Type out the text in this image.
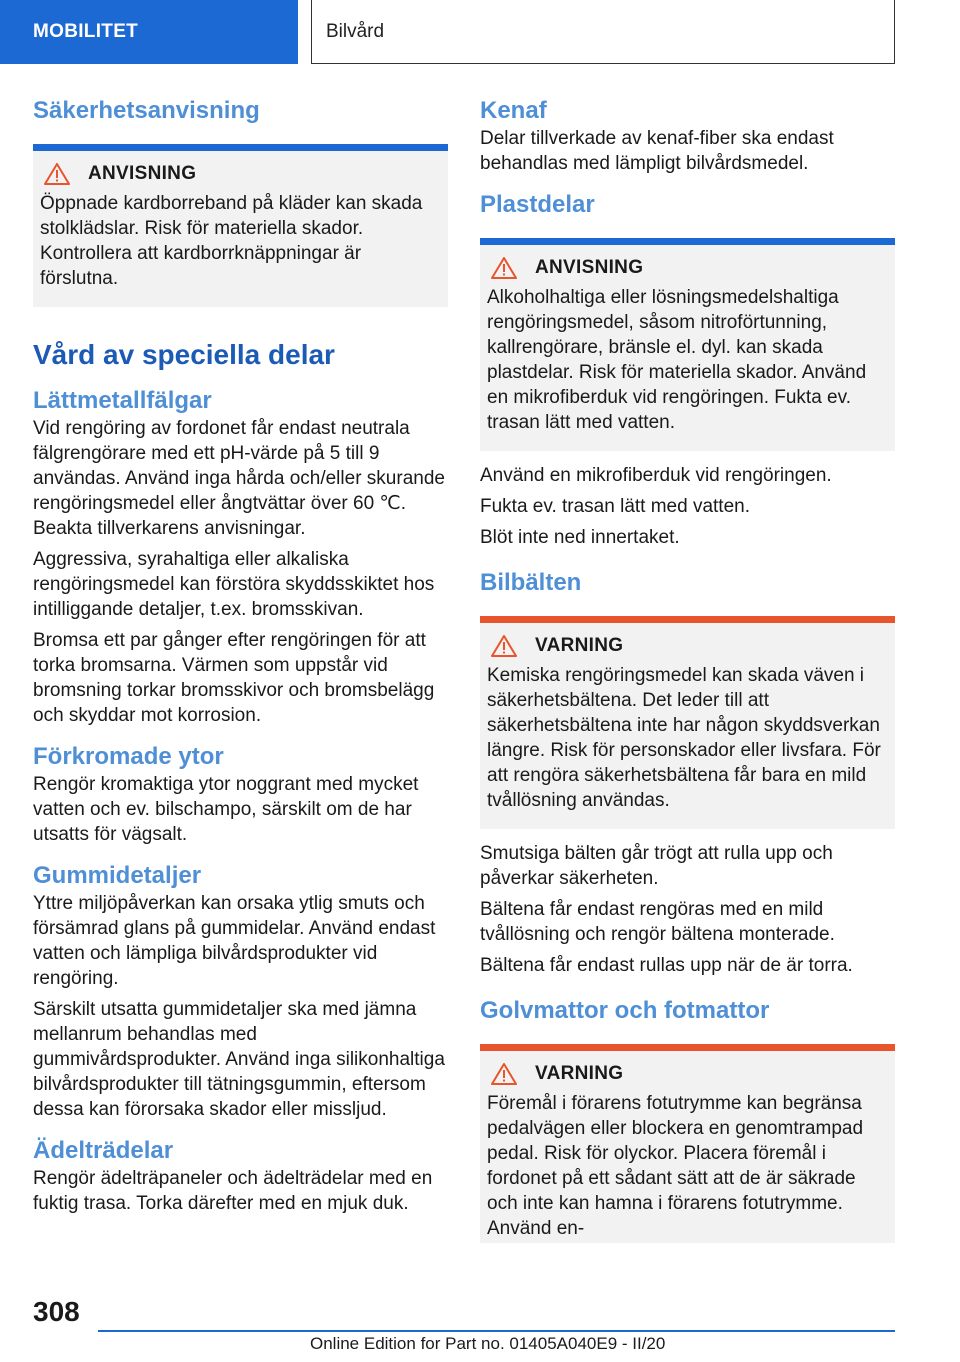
MOBILITET	Bilvård
Säkerhetsanvisning
ANVISNING
Öppnade kardborreband på kläder kan skada stolklädslar. Risk för materiella skador. Kontrollera att kardborrknäppningar är förslutna.
Vård av speciella delar
Lättmetallfälgar

Vid rengöring av fordonet får endast neutrala fälgrengörare med ett pH-värde på 5 till 9 användas. Använd inga hårda och/eller skurande rengöringsmedel eller ångtvättar över 60 ℃. Beakta tillverkarens anvisningar.

Aggressiva, syrahaltiga eller alkaliska rengöringsmedel kan förstöra skyddsskiktet hos intilliggande detaljer, t.ex. bromsskivan.

Bromsa ett par gånger efter rengöringen för att torka bromsarna. Värmen som uppstår vid bromsning torkar bromsskivor och bromsbelägg och skyddar mot korrosion.

Förkromade ytor

Rengör kromaktiga ytor noggrant med mycket vatten och ev. bilschampo, särskilt om de har utsatts för vägsalt.

Gummidetaljer

Yttre miljöpåverkan kan orsaka ytlig smuts och försämrad glans på gummidelar. Använd endast vatten och lämpliga bilvårdsprodukter vid rengöring.

Särskilt utsatta gummidetaljer ska med jämna mellanrum behandlas med gummivårdsprodukter. Använd inga silikonhaltiga bilvårdsprodukter till tätningsgummin, eftersom dessa kan förorsaka skador eller missljud.

Ädelträdelar

Rengör ädelträpaneler och ädelträdelar med en fuktig trasa. Torka därefter med en mjuk duk.

Kenaf

Delar tillverkade av kenaf-fiber ska endast behandlas med lämpligt bilvårdsmedel.

Plastdelar
ANVISNING
Alkoholhaltiga eller lösningsmedelshaltiga rengöringsmedel, såsom nitroförtunning, kallrengörare, bränsle el. dyl. kan skada plastdelar. Risk för materiella skador. Använd en mikrofiberduk vid rengöringen. Fukta ev. trasan lätt med vatten.

Använd en mikrofiberduk vid rengöringen.

Fukta ev. trasan lätt med vatten.

Blöt inte ned innertaket.

Bilbälten
VARNING
Kemiska rengöringsmedel kan skada väven i säkerhetsbältena. Det leder till att säkerhetsbältena inte har någon skyddsverkan längre. Risk för personskador eller livsfara. För att rengöra säkerhetsbältena får bara en mild tvållösning användas.

Smutsiga bälten går trögt att rulla upp och påverkar säkerheten.

Bältena får endast rengöras med en mild tvållösning och rengör bältena monterade.

Bältena får endast rullas upp när de är torra.

Golvmattor och fotmattor
VARNING
Föremål i förarens fotutrymme kan begränsa pedalvägen eller blockera en genomtrampad pedal. Risk för olyckor. Placera föremål i fordonet på ett sådant sätt att de är säkrade och inte kan hamna i förarens fotutrymme. Använd en-
308
Online Edition for Part no. 01405A040E9 - II/20
